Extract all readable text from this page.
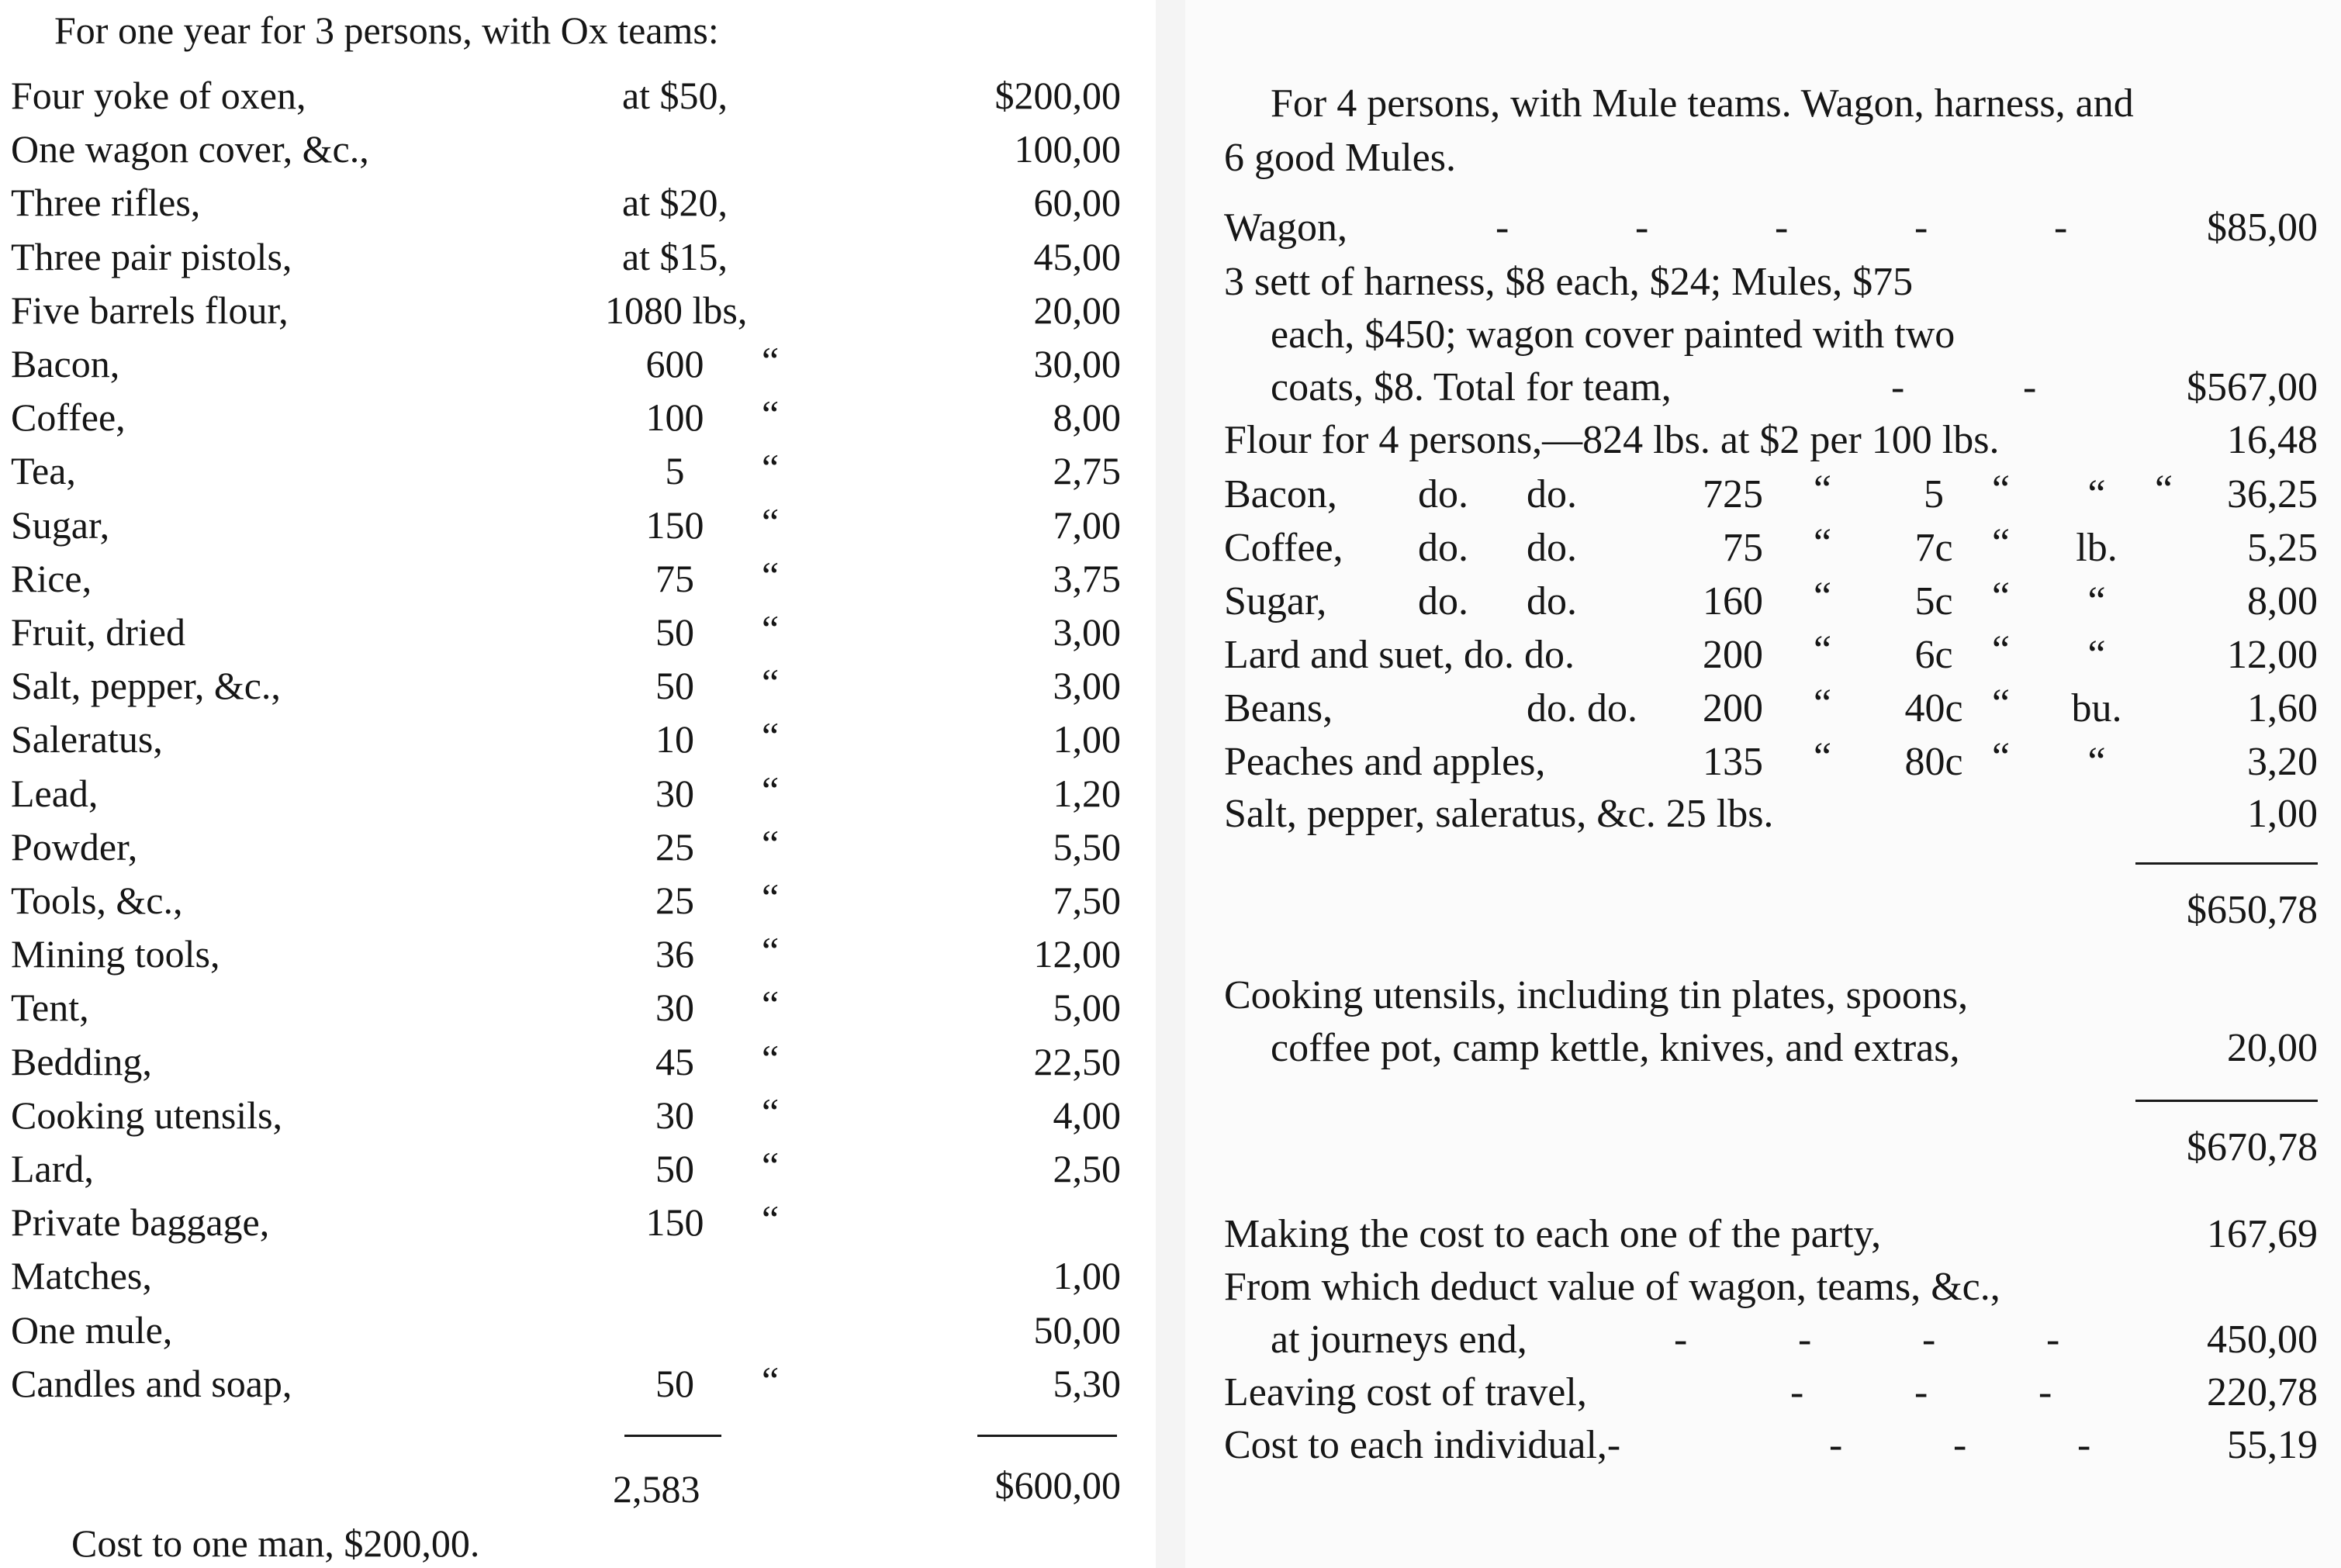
For one year for 3 persons, with Ox teams:
Four yoke of oxen,	at $50,	$200,00
One wagon cover, &c.,	100,00
Three rifles,	at $20,	60,00
Three pair pistols,	at $15,	45,00
Five barrels flour,	1080 lbs,	20,00
Bacon,	600	“	30,00
Coffee,	100	“	8,00
Tea,	5	“	2,75
Sugar,	150	“	7,00
Rice,	75	“	3,75
Fruit, dried	50	“	3,00
Salt, pepper, &c.,	50	“	3,00
Saleratus,	10	“	1,00
Lead,	30	“	1,20
Powder,	25	“	5,50
Tools, &c.,	25	“	7,50
Mining tools,	36	“	12,00
Tent,	30	“	5,00
Bedding,	45	“	22,50
Cooking utensils,	30	“	4,00
Lard,	50	“	2,50
Private baggage,	150	“
Matches,	1,00
One mule,	50,00
Candles and soap,	50	“	5,30
2,583	$600,00
Cost to one man, $200,00.
For 4 persons, with Mule teams. Wagon, harness, and
6 good Mules.
Wagon,	-	-	-	-	-	$85,00
3 sett of harness, $8 each, $24; Mules, $75
each, $450; wagon cover painted with two
coats, $8. Total for team,	-	-	$567,00
Flour for 4 persons,—824 lbs. at $2 per 100 lbs.	16,48
Bacon, do. do.	725 “	5	“	“	“ 36,25
Coffee, do. do.	75 “	7c “	lb.	5,25
Sugar, do. do.	160 “	5c “	“	8,00
Lard and suet, do. do.	200 “	6c “	“	12,00
Beans,	do. do. 200 “	40c “	bu.	1,60
Peaches and apples,	135 “	80c “	“	3,20
Salt, pepper, saleratus, &c. 25 lbs.	1,00
$650,78
Cooking utensils, including tin plates, spoons,
coffee pot, camp kettle, knives, and extras,	20,00
$670,78
Making the cost to each one of the party,	167,69
From which deduct value of wagon, teams, &c.,
at journeys end,	-	-	-	-	450,00
Leaving cost of travel,	-	-	-	220,78
Cost to each individual,-	-	-	-	55,19
